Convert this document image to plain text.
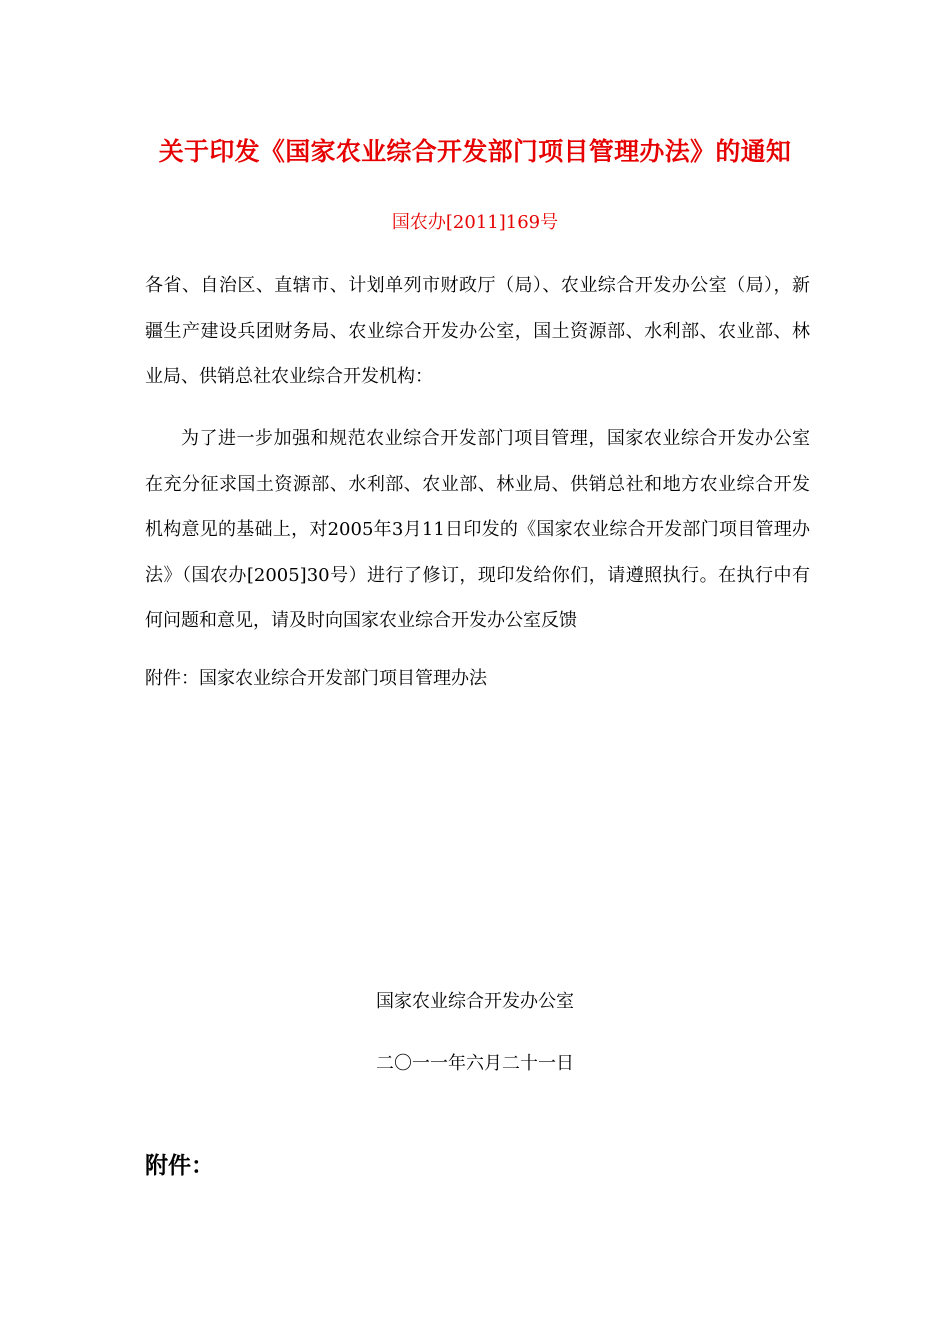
关于印发《国家农业综合开发部门项目管理办法》的通知
国农办[2011]169号
各省、自治区、直辖市、计划单列市财政厅（局）、农业综合开发办公室（局），新疆生产建设兵团财务局、农业综合开发办公室，国土资源部、水利部、农业部、林业局、供销总社农业综合开发机构：
为了进一步加强和规范农业综合开发部门项目管理，国家农业综合开发办公室在充分征求国土资源部、水利部、农业部、林业局、供销总社和地方农业综合开发机构意见的基础上，对2005年3月11日印发的《国家农业综合开发部门项目管理办法》（国农办[2005]30号）进行了修订，现印发给你们，请遵照执行。在执行中有何问题和意见，请及时向国家农业综合开发办公室反馈
附件：国家农业综合开发部门项目管理办法
国家农业综合开发办公室
二〇一一年六月二十一日
附件：
